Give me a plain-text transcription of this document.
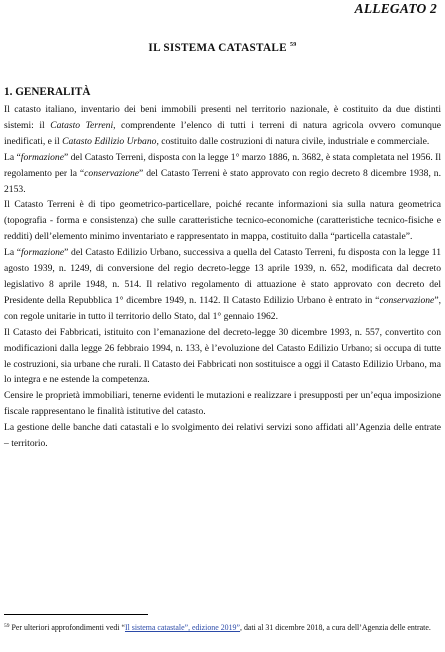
ALLEGATO 2
IL SISTEMA CATASTALE $^{59}$
1. GENERALITÀ

Il catasto italiano, inventario dei beni immobili presenti nel territorio nazionale, è costituito da due distinti sistemi: il Catasto Terreni, comprendente l’elenco di tutti i terreni di natura agricola ovvero comunque inedificati, e il Catasto Edilizio Urbano, costituito dalle costruzioni di natura civile, industriale e commerciale.

La “formazione” del Catasto Terreni, disposta con la legge 1° marzo 1886, n. 3682, è stata completata nel 1956. Il regolamento per la “conservazione” del Catasto Terreni è stato approvato con regio decreto 8 dicembre 1938, n. 2153.

Il Catasto Terreni è di tipo geometrico-particellare, poiché recante informazioni sia sulla natura geometrica (topografia - forma e consistenza) che sulle caratteristiche tecnico-economiche (caratteristiche tecnico-fisiche e redditi) dell’elemento minimo inventariato e rappresentato in mappa, costituito dalla “particella catastale”.

La “formazione” del Catasto Edilizio Urbano, successiva a quella del Catasto Terreni, fu disposta con la legge 11 agosto 1939, n. 1249, di conversione del regio decreto-legge 13 aprile 1939, n. 652, modificata dal decreto legislativo 8 aprile 1948, n. 514. Il relativo regolamento di attuazione è stato approvato con decreto del Presidente della Repubblica 1° dicembre 1949, n. 1142. Il Catasto Edilizio Urbano è entrato in “conservazione”, con regole unitarie in tutto il territorio dello Stato, dal 1° gennaio 1962.

Il Catasto dei Fabbricati, istituito con l’emanazione del decreto-legge 30 dicembre 1993, n. 557, convertito con modificazioni dalla legge 26 febbraio 1994, n. 133, è l’evoluzione del Catasto Edilizio Urbano; si occupa di tutte le costruzioni, sia urbane che rurali. Il Catasto dei Fabbricati non sostituisce a oggi il Catasto Edilizio Urbano, ma lo integra e ne estende la competenza.

Censire le proprietà immobiliari, tenerne evidenti le mutazioni e realizzare i presupposti per un’equa imposizione fiscale rappresentano le finalità istitutive del catasto.

La gestione delle banche dati catastali e lo svolgimento dei relativi servizi sono affidati all’Agenzia delle entrate – territorio.

$^{59}$ Per ulteriori approfondimenti vedi “Il sistema catastale”, edizione 2019”, dati al 31 dicembre 2018, a cura dell’Agenzia delle entrate.
